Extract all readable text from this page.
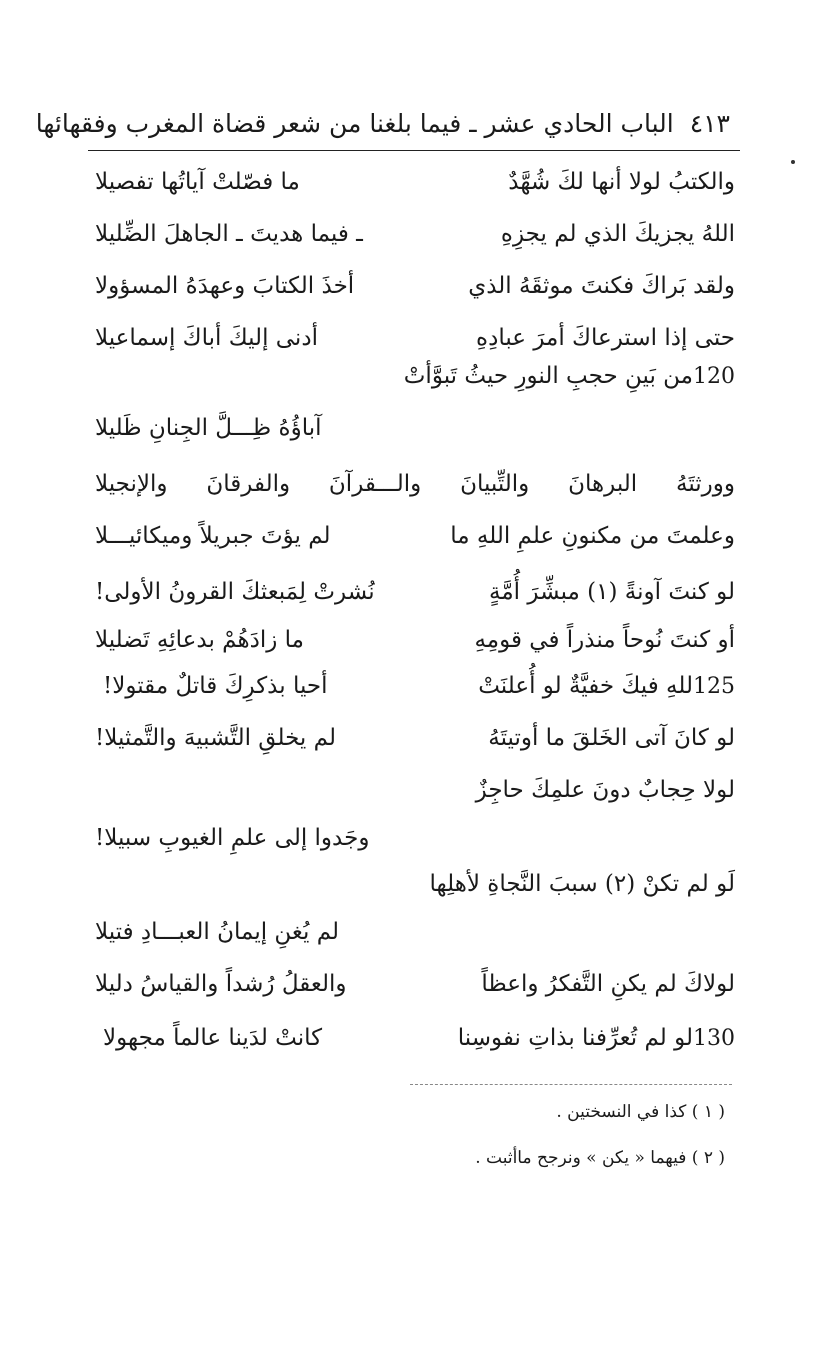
٤١٣ الباب الحادي عشر ـ فيما بلغنا من شعر قضاة المغرب وفقهائها
والكتبُ لولا أنها لكَ شُهَّدٌما فصّلتْ آياتُها تفصيلا
اللهُ يجزيكَ الذي لم يجزِهِـ فيما هديتَ ـ الجاهلَ الضِّليلا
ولقد بَراكَ فكنتَ موثقَهُ الذيأخذَ الكتابَ وعهدَهُ المسؤولا
حتى إذا استرعاكَ أمرَ عبادِهِأدنى إليكَ أباكَ إسماعيلا
120من بَينِ حجبِ النورِ حيثُ تَبوَّأتْ
آباؤُهُ ظِـــلَّ الجِنانِ ظَليلا
وورثتَهُ البرهانَ والتِّبيانَ والـــقرآنَ والفرقانَ والإنجيلا
وعلمتَ من مكنونِ علمِ اللهِ مالم يؤتَ جبريلاً وميكائيـــلا
لو كنتَ آونةً (١) مبشِّرَ أُمَّةٍنُشرتْ لِمَبعثكَ القرونُ الأولى!
أو كنتَ نُوحاً منذراً في قومِهِما زادَهُمْ بدعائِهِ تَضليلا
125للهِ فيكَ خفيَّةٌ لو أُعلنَتْأحيا بذكرِكَ قاتلٌ مقتولا!
لو كانَ آتى الخَلقَ ما أوتيتَهُلم يخلقِ التَّشبيهَ والتَّمثيلا!
لولا حِجابٌ دونَ علمِكَ حاجِزٌ
وجَدوا إلى علمِ الغيوبِ سبيلا!
لَو لم تكنْ (٢) سببَ النَّجاةِ لأهلِها
لم يُغنِ إيمانُ العبـــادِ فتيلا
لولاكَ لم يكنِ التَّفكرُ واعظاًوالعقلُ رُشداً والقياسُ دليلا
130لو لم تُعرِّفنا بذاتِ نفوسِناكانتْ لدَينا عالماً مجهولا
( ١ ) كذا في النسختين .
( ٢ ) فيهما « يكن » ونرجح ماأثبت .
